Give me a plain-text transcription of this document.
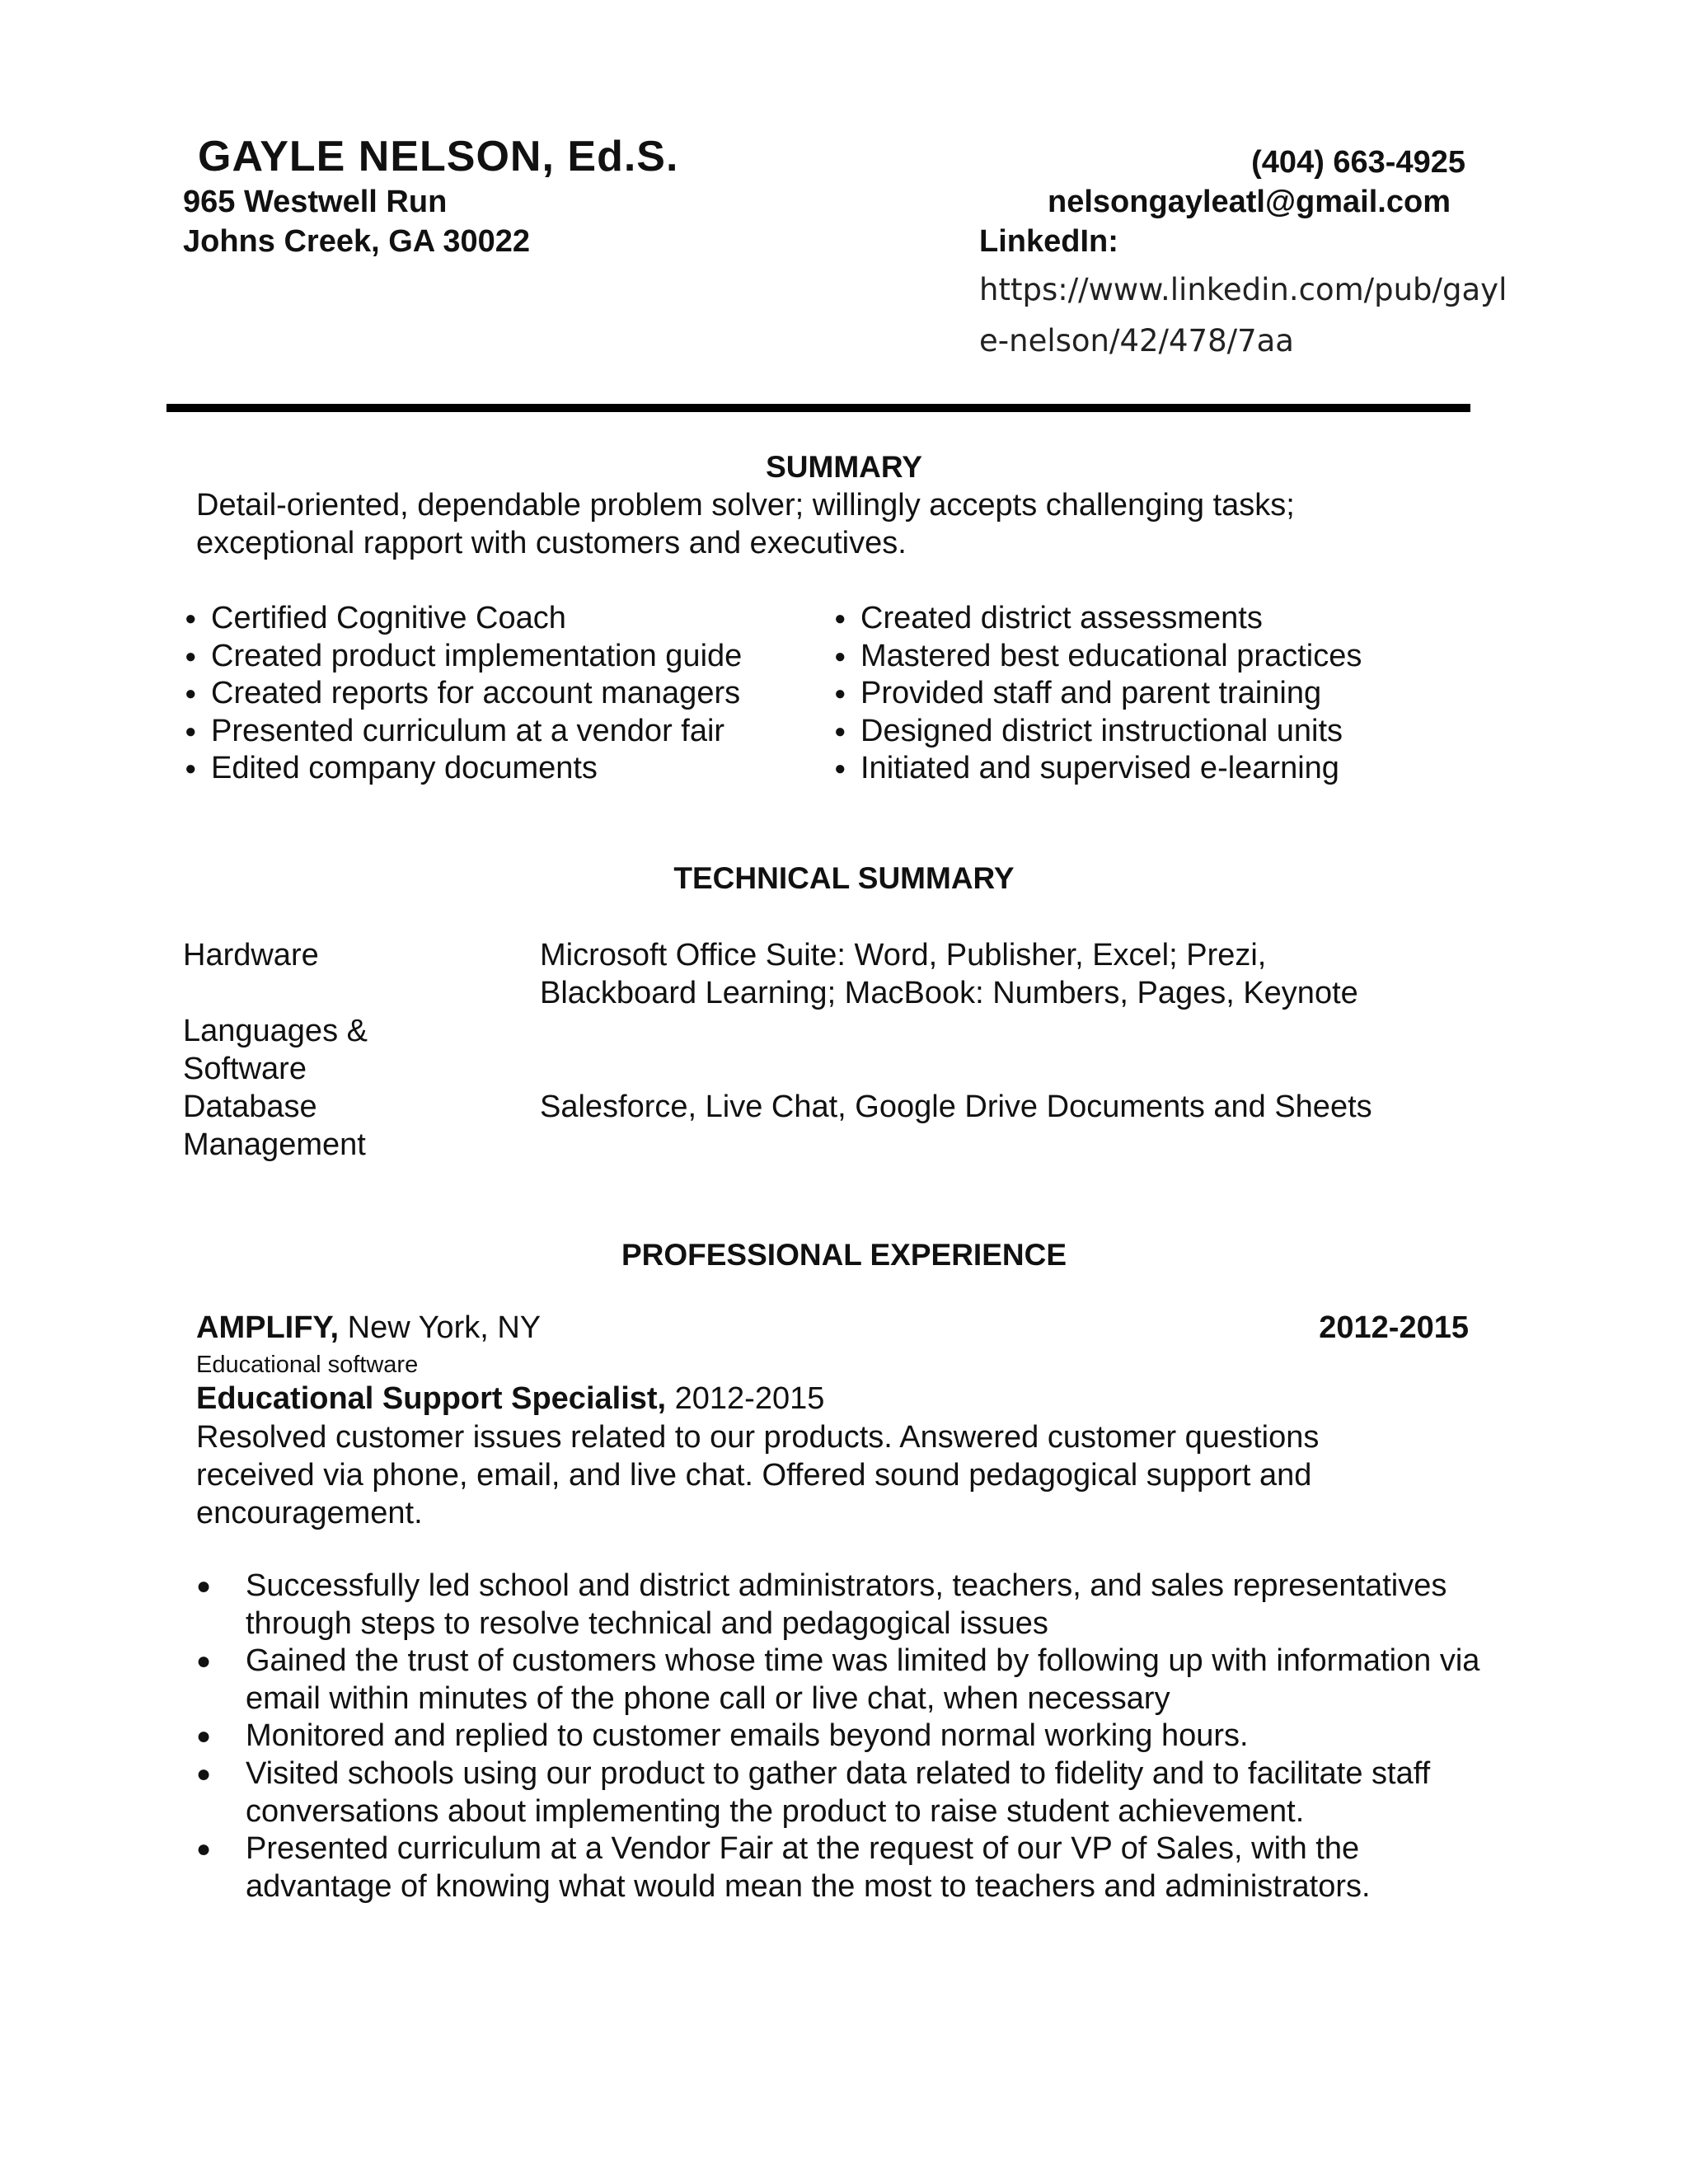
GAYLE NELSON, Ed.S.
965 Westwell Run
Johns Creek, GA 30022
(404) 663-4925
nelsongayleatl@gmail.com
LinkedIn:
https://www.linkedin.com/pub/gayl
e-nelson/42/478/7aa
SUMMARY
Detail-oriented, dependable problem solver; willingly accepts challenging tasks;
exceptional rapport with customers and executives.
● Certified Cognitive Coach
● Created product implementation guide
● Created reports for account managers
● Presented curriculum at a vendor fair
● Edited company documents
● Created district assessments
● Mastered best educational practices
● Provided staff and parent training
● Designed district instructional units
● Initiated and supervised e-learning
TECHNICAL SUMMARY
Hardware	Microsoft Office Suite: Word, Publisher, Excel; Prezi,
Blackboard Learning; MacBook: Numbers, Pages, Keynote
Languages &
Software
Database
Management
Salesforce, Live Chat, Google Drive Documents and Sheets
PROFESSIONAL EXPERIENCE
AMPLIFY, New York, NY	2012-2015
Educational software
Educational Support Specialist, 2012-2015
Resolved customer issues related to our products. Answered customer questions received via phone, email, and live chat. Offered sound pedagogical support and encouragement.
● Successfully led school and district administrators, teachers, and sales representatives through steps to resolve technical and pedagogical issues
● Gained the trust of customers whose time was limited by following up with information via email within minutes of the phone call or live chat, when necessary
● Monitored and replied to customer emails beyond normal working hours.
● Visited schools using our product to gather data related to fidelity and to facilitate staff conversations about implementing the product to raise student achievement.
● Presented curriculum at a Vendor Fair at the request of our VP of Sales, with the advantage of knowing what would mean the most to teachers and administrators.
